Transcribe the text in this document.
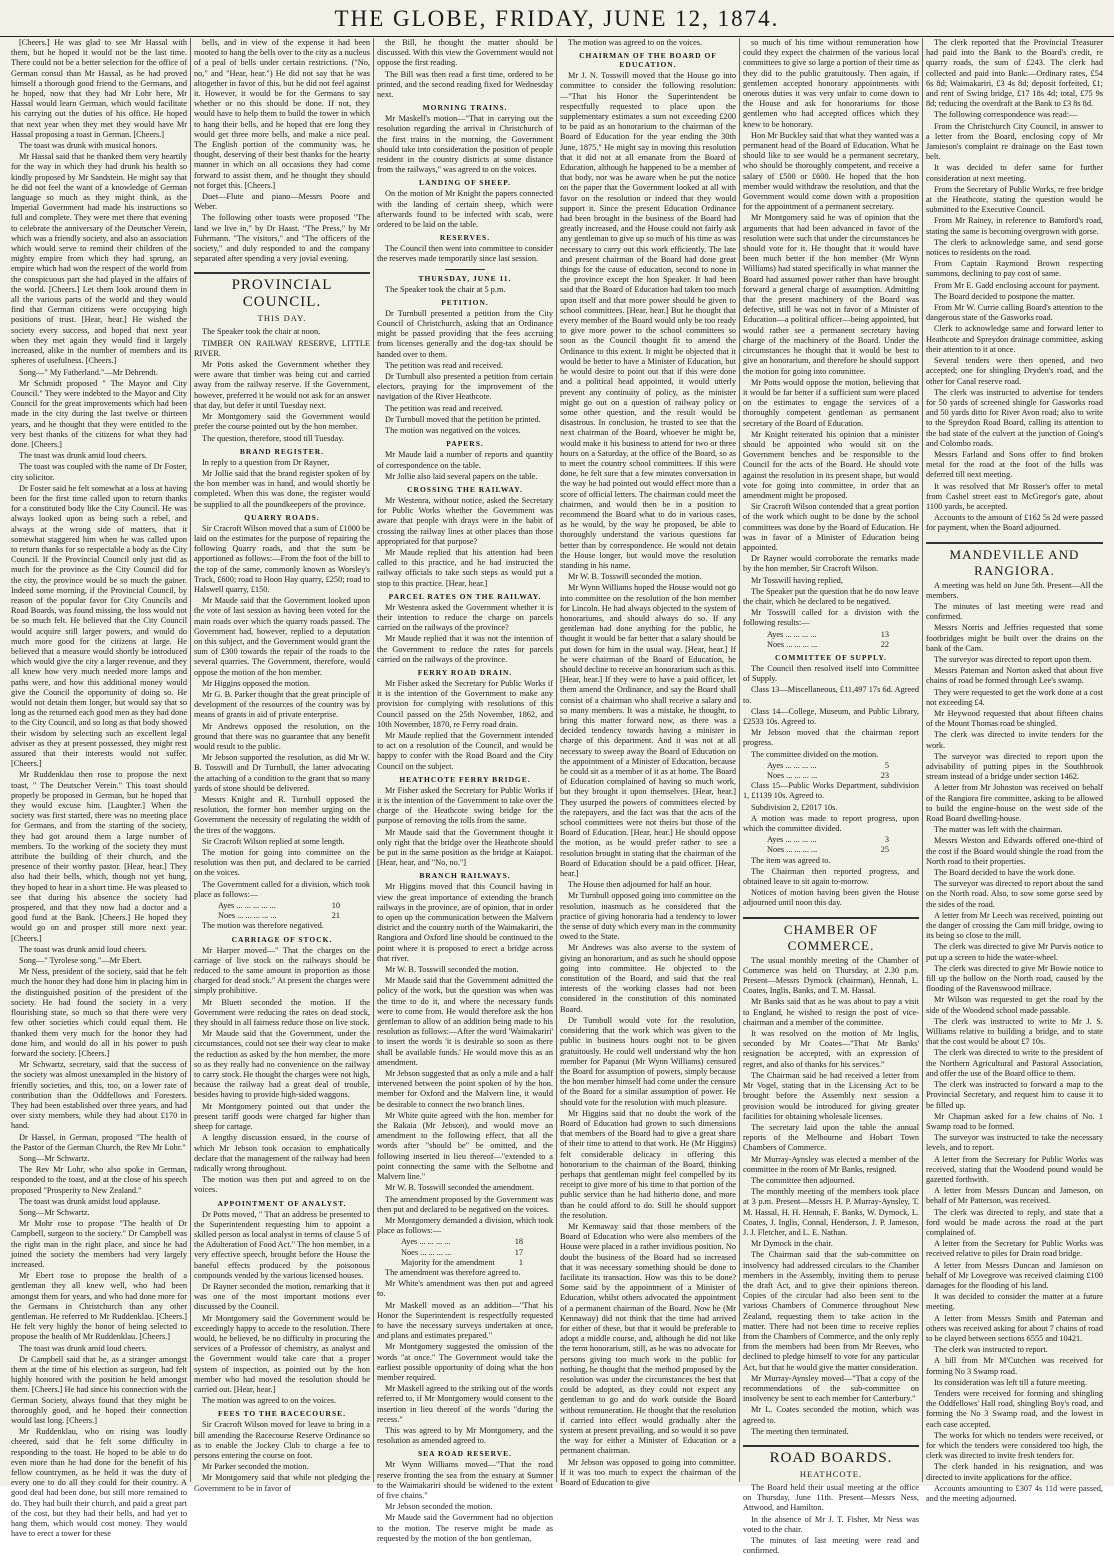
THE GLOBE, FRIDAY, JUNE 12, 1874.

[Cheers.] He was glad to see Mr Hassal with them, but he hoped it would not be the last time. There could not be a better selection for the office of German consul than Mr Hassal, as he had proved himself a thorough good friend to the Germans, and he hoped, now that they had Mr Lohr here, Mr Hassal would learn German, which would facilitate his carrying out the duties of his office. He hoped that next year when they met they would have Mr Hassal proposing a toast in German. [Cheers.]

The toast was drunk with musical honors.

Mr Hassal said that he thanked them very heartily for the way in which they had drunk his health so kindly proposed by Mr Sandstein. He might say that he did not feel the want of a knowledge of German language so much as they might think, as the Imperial Government had made his instructions so full and complete. They were met there that evening to celebrate the anniversary of the Deutscher Verein, which was a friendly society, and also an association which would serve to remind their children of the mighty empire from which they had sprung, an empire which had won the respect of the world from the conspicuous part she had played in the affairs of the world. [Cheers.] Let them look around them in all the various parts of the world and they would find that German citizens were occupying high positions of trust. [Hear, hear.] He wished the society every success, and hoped that next year when they met again they would find it largely increased, alike in the number of members and its spheres of usefulness. [Cheers.]

Song—" My Fatherland."—Mr Dehrendt.

Mr Schmidt proposed " The Mayor and City Council." They were indebted to the Mayor and City Council for the great improvements which had been made in the city during the last twelve or thirteen years, and he thought that they were entitled to the very best thanks of the citizens for what they had done. [Cheers.]

The toast was drunk amid loud cheers.

The toast was coupled with the name of Dr Foster, city solicitor.

Dr Foster said he felt somewhat at a loss at having been for the first time called upon to return thanks for a constituted body like the City Council. He was always looked upon as being such a rebel, and always at the wrong side of matters, that it somewhat staggered him when he was called upon to return thanks for so respectable a body as the City Council. If the Provincial Council only just did as much for the province as the City Council did for the city, the province would be so much the gainer. Indeed some morning, if the Provincial Council, by reason of the popular favor for City Councils and Road Boards, was found missing, the loss would not be so much felt. He believed that the City Council would acquire still larger powers, and would do much more good for the citizens at large. He believed that a measure would shortly be introduced which would give the city a larger revenue, and they all knew how very much needed more lamps and paths were, and how this additional money would give the Council the opportunity of doing so. He would not detain them longer, but would say that so long as the returned each good men as they had done to the City Council, and so long as that body showed their wisdom by selecting such an excellent legal adviser as they at present possessed, they might rest assured that their interests would not suffer. [Cheers.]

Mr Ruddenklau then rose to propose the next toast, " The Deutscher Verein." This toast should properly be proposed in German, but he hoped that they would excuse him. [Laughter.] When the society was first started, there was no meeting place for Germans, and from the starting of the society, they had got around them a large number of members. To the working of the society they must attribute the building of their church, and the presence of their worthy pastor. [Hear, hear.] They also had their bells, which, though not yet hung, they hoped to hear in a short time. He was pleased to see that during his absence the society had prospered, and that they now had a doctor and a good fund at the Bank. [Cheers.] He hoped they would go on and prosper still more next year. [Cheers.]

The toast was drunk amid loud cheers.

Song—" Tyrolese song."—Mr Ebert.

Mr Ness, president of the society, said that he felt much the honor they had done him in placing him in the distinguished position of the president of the society. He had found the society in a very flourishing state, so much so that there were very few other societies which could equal them. He thanked them very much for the honor they had done him, and would do all in his power to push forward the society. [Cheers.]

Mr Schwartz, secretary, said that the success of the society was almost unexampled in the history of friendly societies, and this, too, on a lower rate of contribution than the Oddfellows and Foresters. They had been established over three years, and had over sixty members, while they had about £170 in hand.

Dr Hassel, in German, proposed "The health of the Pastor of the German Church, the Rev Mr Lohr."

Song—Mr Schwartz.

The Rev Mr Lohr, who also spoke in German, responded to the toast, and at the close of his speech proposed "Prosperity to New Zealand."

The toast was drunk amidst loud applause.

Song—Mr Schwartz.

Mr Mohr rose to propose "The health of Dr Campbell, surgeon to the society." Dr Campbell was the right man in the right place, and since he had joined the society the members had very largely increased.

Mr Ebert rose to propose the health of a gentleman they all knew well, who had been amongst them for years, and who had done more for the Germans in Christchurch than any other gentleman. He referred to Mr Ruddenklau. [Cheers.] He felt very highly the honor of being selected to propose the health of Mr Ruddenklau. [Cheers.]

The toast was drunk amid loud cheers.

Dr Campbell said that he, as a stranger amongst them at the time of his election as surgeon, had felt highly honored with the position he held amongst them. [Cheers.] He had since his connection with the German Society, always found that they might be thoroughly good, and he hoped their connection would last long. [Cheers.]

Mr Ruddenklau, who on rising was loudly cheered, said that he felt some difficulty in responding to the toast. He hoped to be able to do even more than he had done for the benefit of his fellow countrymen, as he held it was the duty of every one to do all they could for their country. A good deal had been done, but still more remained to do. They had built their church, and paid a great part of the cost, but they had their bells, and had yet to hang them, which would cost money. They would have to erect a tower for these

bells, and in view of the expense it had been mooted to hang the bells over to the city as a nucleus of a peal of bells under certain restrictions. ("No, no," and "Hear, hear.") He did not say that he was altogether in favor of this, but he did not feel against it. However, it would be for the Germans to say whether or no this should be done. If not, they would have to help them to build the tower in which to hang their bells, and he hoped that ere long they would get three more bells, and make a nice peal. The English portion of the community was, he thought, deserving of their best thanks for the hearty manner in which on all occasions they had come forward to assist them, and he thought they should not forget this. [Cheers.]

Duet—Flute and piano—Messrs Poore and Weber.

The following other toasts were proposed "The land we live in," by Dr Haast. "The Press," by Mr Fuhrmann. "The visitors," and "The officers of the society," and duly responded to and the company separated after spending a very jovial evening.

PROVINCIAL COUNCIL.
THIS DAY.

The Speaker took the chair at noon.

TIMBER ON RAILWAY RESERVE, LITTLE RIVER.

Mr Potts asked the Government whether they were aware that timber was being cut and carried away from the railway reserve. If the Government, however, preferred it he would not ask for an answer that day, but defer it until Tuesday next.

Mr Montgomery said the Government would prefer the course pointed out by the hon member.

The question, therefore, stood till Tuesday.

BRAND REGISTER.

In reply to a question from Dr Rayner,

Mr Jollie said that the brand register spoken of by the hon member was in hand, and would shortly be completed. When this was done, the register would be supplied to all the poundkeepers of the province.

QUARRY ROADS.

Sir Cracroft Wilson moved that a sum of £1000 be laid on the estimates for the purpose of repairing the following Quarry roads, and that the sum be apportioned as follows:—From the foot of the bill to the top of the same, commonly known as Worsley's Track, £600; road to Hoon Hay quarry, £250; road to Halswell quarry, £150.

Mr Maude said that the Government looked upon the vote of last session as having been voted for the main roads over which the quarry roads passed. The Government had, however, replied to a deputation on this subject, and the Government would grant the sum of £300 towards the repair of the roads to the several quarries. The Government, therefore, would oppose the motion of the hon member.

Mr Higgins opposed the motion.

Mr G. B. Parker thought that the great principle of development of the resources of the country was by means of grants in aid of private enterprise.

Mr Andrews opposed the resolution, on the ground that there was no guarantee that any benefit would result to the public.

Mr Jebson supported the resolution, as did Mr W. B. Tosswill and Dr Turnbull, the latter advocating the attaching of a condition to the grant that so many yards of stone should be delivered.

Messrs Knight and R. Turnbull opposed the resolution, the former hon member urging on the Government the necessity of regulating the width of the tires of the waggons.

Sir Cracroft Wilson replied at some length.

The motion for going into committee on the resolution was then put, and declared to be carried on the voices.

The Government called for a division, which took place as follows:—

Ayes ... ... ... ... ...	10
Noes ... ... ... ... ...	21

The motion was therefore negatived.

CARRIAGE OF STOCK.

Mr Harper moved—" That the charges on the carriage of live stock on the railways should be reduced to the same amount in proportion as those charged for dead stock." At present the charges were simply prohibitive.

Mr Bluett seconded the motion. If the Government were reducing the rates on dead stock, they should in all fairness reduce those on live stock.

Mr Maude said that the Government, under the circumstances, could not see their way clear to make the reduction as asked by the hon member, the more so as they really had no convenience on the railway to carry stock. He thought the charges were not high, because the railway had a great deal of trouble, besides having to provide high-sided waggons.

Mr Montgomery pointed out that under the present tariff goods were charged far higher than sheep for cartage.

A lengthy discussion ensued, in the course of which Mr Jebson took occasion to emphatically declare that the management of the railway had been radically wrong throughout.

The motion was then put and agreed to on the voices.

APPOINTMENT OF ANALYST.

Dr Potts moved, " That an address be presented to the Superintendent requesting him to appoint a skilled person as local analyst in terms of clause 5 of the Adulteration of Food Act." The hon member, in a very effective speech, brought before the House the baneful effects produced by the poisonous compounds vended by the various licensed houses.

Dr Rayner seconded the motion, remarking that it was one of the most important motions ever discussed by the Council.

Mr Montgomery said the Government would be exceedingly happy to accede to the resolution. There would, he believed, be no difficulty in procuring the services of a Professor of chemistry, as analyst and the Government would take care that a proper system of inspection, as pointed out by the hon member who had moved the resolution should be carried out. [Hear, hear.]

The motion was agreed to on the voices.

FEES TO THE RACECOURSE.

Sir Cracroft Wilson moved for leave to bring in a bill amending the Racecourse Reserve Ordinance so as to enable the Jockey Club to charge a fee to persons entering the course on foot.

Mr Parker seconded the motion.

Mr Montgomery said that while not pledging the Government to be in favor of

the Bill, he thought the matter should be discussed. With this view the Government would not oppose the first reading.

The Bill was then read a first time, ordered to be printed, and the second reading fixed for Wednesday next.

MORNING TRAINS.

Mr Maskell's motion—"That in carrying out the resolution regarding the arrival in Christchurch of the first trains in the morning, the Government should take into consideration the position of people resident in the country districts at some distance from the railways," was agreed to on the voices.

LANDING OF SHEEP.

On the motion of Mr Knight the papers connected with the landing of certain sheep, which were afterwards found to be infected with scab, were ordered to be laid on the table.

RESERVES.

The Council then went into committee to consider the reserves made temporarily since last session.

THURSDAY, JUNE 11.

The Speaker took the chair at 5 p.m.

PETITION.

Dr Turnbull presented a petition from the City Council of Christchurch, asking that an Ordinance might be passed providing that the fees accruing from licenses generally and the dog-tax should be handed over to them.

The petition was read and received.

Dr Turnbull also presented a petition from certain electors, praying for the improvement of the navigation of the River Heathcote.

The petition was read and received.

Dr Turnbull moved that the petition be printed.

The motion was negatived on the voices.

PAPERS.

Mr Maude laid a number of reports and quantity of correspondence on the table.

Mr Jollie also laid several papers on the table.

CROSSING THE RAILWAY.

Mr Westenra, without notice, asked the Secretary for Public Works whether the Government was aware that people with drays were in the habit of crossing the railway lines at other places than those appropriated for that purpose?

Mr Maude replied that his attention had been called to this practice, and he had instructed the railway officials to take such steps as would put a stop to this practice. [Hear, hear.]

PARCEL RATES ON THE RAILWAY.

Mr Westenra asked the Government whether it is their intention to reduce the charge on parcels carried on the railways of the province?

Mr Maude replied that it was not the intention of the Government to reduce the rates for parcels carried on the railways of the province.

FERRY ROAD DRAIN.

Mr Fisher asked the Secretary for Public Works if it is the intention of the Government to make any provision for complying with resolutions of this Council passed on the 25th November, 1862, and 10th November, 1870, re Ferry road drain.

Mr Maude replied that the Government intended to act on a resolution of the Council, and would be happy to confer with the Road Board and the City Council on the subject.

HEATHCOTE FERRY BRIDGE.

Mr Fisher asked the Secretary for Public Works if it is the intention of the Government to take over the charge of the Heathcote swing bridge for the purpose of removing the tolls from the same.

Mr Maude said that the Government thought it only right that the bridge over the Heathcote should be put in the same position as the bridge at Kaiapoi. [Hear, hear, and "No, no."]

BRANCH RAILWAYS.

Mr Higgins moved that this Council having in view the great importance of extending the branch railways in the province, are of opinion, that in order to open up the communication between the Malvern district and the country north of the Waimakariri, the Rangiora and Oxford line should be continued to the point where it is proposed to erect a bridge across that river.

Mr W. B. Tosswill seconded the motion.

Mr Maude said that the Government admitted the policy of the work, but the question was when was the time to do it, and where the necessary funds were to come from. He would therefore ask the hon gentleman to allow of an addition being made to his resolution as follows:—After the word 'Waimakariri' to insert the words 'it is desirable so soon as there shall be available funds.' He would move this as an amendment.

Mr Jebson suggested that as only a mile and a half intervened between the point spoken of by the hon. member for Oxford and the Malvern line, it would be desirable to connect the two branch lines.

Mr White quite agreed with the hon. member for the Rakaia (Mr Jebson), and would move an amendment to the following effect, that all the words after "should be" be omitted, and the following inserted in lieu thereof—"extended to a point connecting the same with the Selbotne and Malvern line."

Mr W. B. Tosswill seconded the amendment.

The amendment proposed by the Government was then put and declared to be negatived on the voices.

Mr Montgomery demanded a division, which took place as follows:—

Ayes ... ... ... ...	18
Noes ... ... ... ...	17
Majority for the amendment	1

The amendment was therefore agreed to.

Mr White's amendment was then put and agreed to.

Mr Maskell moved as an addition—"That his Honor the Superintendent is respectfully requested to have the necessary surveys undertaken at once, and plans and estimates prepared."

Mr Montgomery suggested the omission of the words "at once." The Government would take the earliest possible opportunity of doing what the hon member required.

Mr Maskell agreed to the striking out of the words referred to, if Mr Montgomery would consent to the insertion in lieu thereof of the words "during the recess."

This was agreed to by Mr Montgomery, and the resolution as amended agreed to.

SEA ROAD RESERVE.

Mr Wynn Williams moved—"That the road reserve fronting the sea from the estuary at Sumner to the Waimakariri should be widened to the extent of five chains."

Mr Jebson seconded the motion.

Mr Maude said the Government had no objection to the motion. The reserve might be made as requested by the motion of the hon gentleman,

The motion was agreed to on the voices.

CHAIRMAN OF THE BOARD OF EDUCATION.

Mr J. N. Tosswill moved that the House go into committee to consider the following resolution:—"That his Honor the Superintendent be respectfully requested to place upon the supplementary estimates a sum not exceeding £200 to be paid as an honorarium to the chairman of the Board of Education for the year ending the 30th June, 1875." He might say in moving this resolution that it did not at all emanate from the Board of Education, although he happened to be a member of that body, nor was he aware when he put the notice on the paper that the Government looked at all with favor on the resolution or indeed that they would support it. Since the present Education Ordinance had been brought in the business of the Board had greatly increased, and the House could not fairly ask any gentleman to give up so much of his time as was necessary to carry out this work efficiently. The late and present chairman of the Board had done great things for the cause of education, second to none in the province except the hon Speaker. It had been said that the Board of Education had taken too much upon itself and that more power should be given to school committees. [Hear, hear.] But he thought that every member of the Board would only be too ready to give more power to the school committees so soon as the Council thought fit to amend the Ordinance to this extent. It might be objected that it would be better to have a Minister of Education, but he would desire to point out that if this were done and a political head appointed, it would utterly prevent any continuity of policy, as the minister might go out on a question of railway policy or some other question, and the result would be disastrous. In conclusion, he trusted to see that the next chairman of the Board, whoever he might be, would make it his business to attend for two or three hours on a Saturday, at the office of the Board, so as to meet the country school committees. If this were done, he felt sure that a few minutes conversation in the way he had pointed out would effect more than a score of official letters. The chairman could meet the chairmen, and would then be in a position to recommend the Board what to do in various cases, as he would, by the way he proposed, be able to thoroughly understand the various questions far better than by correspondence. He would not detain the House longer, but would move the resolution standing in his name.

Mr W. B. Tosswill seconded the motion.

Mr Wynn Williams hoped the House would not go into committee on the resolution of the hon member for Lincoln. He had always objected to the system of honorariums, and should always do so. If any gentleman had done anything for the public, he thought it would be far better that a salary should be put down for him in the usual way. [Hear, hear.] If he were chairman of the Board of Education, he should decline to receive an honorarium such as this. [Hear, hear.] If they were to have a paid officer, let them amend the Ordinance, and say the Board shall consist of a chairman who shall receive a salary and so many members. It was a mistake, he thought, to bring this matter forward now, as there was a decided tendency towards having a minister in charge of this department. And it was not at all necessary to sweep away the Board of Education on the appointment of a Minister of Education, because he could sit as a member of it as at home. The Board of Education complained of having so much work, but they brought it upon themselves. [Hear, hear.] They usurped the powers of committees elected by the ratepayers, and the fact was that the acts of the school committees were not theirs but those of the Board of Education. [Hear, hear.] He should oppose the motion, as he would prefer rather to see a resolution brought in stating that the chairman of the Board of Education should be a paid officer. [Hear, hear.]

The House then adjourned for half an hour.

Mr Turnbull opposed going into committee on the resolution, inasmuch as he considered that the practice of giving honoraria had a tendency to lower the sense of duty which every man in the community owed to the State.

Mr Andrews was also averse to the system of giving an honorarium, and as such he should oppose going into committee. He objected to the constitution of the Board, and said that the real interests of the working classes had not been considered in the constitution of this nominated Board.

Dr Turnbull would vote for the resolution, considering that the work which was given to the public in business hours ought not to be given gratuitously. He could well understand why the hon member for Papanui (Mr Wynn Williams) censured the Board for assumption of powers, simply because the hon member himself had come under the censure of the Board for a similar assumption of power. He should vote for the resolution with much pleasure.

Mr Higgins said that no doubt the work of the Board of Education had grown to such dimensions that members of the Board had to give a great share of their time to attend to that work. He (Mr Higgins) felt considerable delicacy in offering this honorarium to the chairman of the Board, thinking perhaps that gentleman might feel compelled by its receipt to give more of his time to that portion of the public service than he had hitherto done, and more than he could afford to do. Still he should support the resolution.

Mr Kennaway said that those members of the Board of Education who were also members of the House were placed in a rather invidious position. No doubt the business of the Board had so increased that it was necessary something should be done to facilitate its transaction. How was this to be done? Some said by the appointment of a Minister of Education, whilst others advocated the appointment of a permanent chairman of the Board. Now he (Mr Kennaway) did not think that the time had arrived for either of these, but that it would be preferable to adopt a middle course, and, although he did not like the term honorarium, still, as he was no advocate for persons giving too much work to the public for nothing, he thought that the method proposed by the resolution was under the circumstances the best that could be adopted, as they could not expect any gentleman to go and do work outside the Board without remuneration. He thought that the resolution if carried into effect would gradually alter the system at present prevailing, and so would it so pave the way for either a Minister of Education or a permanent chairman.

Mr Jebson was opposed to going into committee. If it was too much to expect the chairman of the Board of Education to give

so much of his time without remuneration how could they expect the chairmen of the various local committees to give so large a portion of their time as they did to the public gratuitously. Then again, if gentlemen accepted honorary appointments with onerous duties it was very unfair to come down to the House and ask for honorariums for those gentlemen who had accepted offices which they knew to be honorary.

Hon Mr Buckley said that what they wanted was a permanent head of the Board of Education. What he should like to see would be a permanent secretary, who should be thoroughly competent, and receive a salary of £500 or £600. He hoped that the hon member would withdraw the resolution, and that the Government would come down with a proposition for the appointment of a permanent secretary.

Mr Montgomery said he was of opinion that the arguments that had been advanced in favor of the resolution were such that under the circumstances he should vote for it. He thought that it would have been much better if the hon member (Mr Wynn Williams) had stated specifically in what manner the Board had assumed power rather than have brought forward a general charge of assumption. Admitting that the present machinery of the Board was defective, still he was not in favor of a Minister of Education—a political officer—being appointed, but would rather see a permanent secretary having charge of the machinery of the Board. Under the circumstances he thought that it would be best to give an honorarium, and therefore he should support the motion for going into committee.

Mr Potts would oppose the motion, believing that it would be far better if a sufficient sum were placed on the estimates to engage the services of a thoroughly competent gentleman as permanent secretary of the Board of Education.

Mr Knight reiterated his opinion that a minister should be appointed who would sit on the Government benches and be responsible to the Council for the acts of the Board. He should vote against the resolution in its present shape, but would vote for going into committee, in order that an amendment might be proposed.

Sir Cracroft Wilson contended that a great portion of the work which ought to be done by the school committees was done by the Board of Education. He was in favor of a Minister of Education being appointed.

Dr Rayner would corroborate the remarks made by the hon member, Sir Cracroft Wilson.

Mr Tosswill having replied,

The Speaker put the question that he do now leave the chair, which he declared to be negatived.

Mr Tosswill called for a division with the following results:—

Ayes ... ... ... ...	13
Noes ... ... ... ...	22
COMMITTEE OF SUPPLY.

The Council then resolved itself into Committee of Supply.

Class 13—Miscellaneous, £11,497 17s 6d. Agreed to.

Class 14—College, Museum, and Public Library, £2533 10s. Agreed to.

Mr Jebson moved that the chairman report progress.

The committee divided on the motion.

Ayes ... ... ... ...	5
Noes ... ... ... ...	23

Class 15—Public Works Department, subdivision 1, £1139 10s. Agreed to.

Subdivision 2, £2017 10s.

A motion was made to report progress, upon which the committee divided.

Ayes ... ... ... ...	3
Noes ... ... ... ...	25

The item was agreed to.

The Chairman then reported progress, and obtained leave to sit again to-morrow.

Notices of motion having been given the House adjourned until noon this day.

CHAMBER OF COMMERCE.

The usual monthly meeting of the Chamber of Commerce was held on Thursday, at 2.30 p.m. Present—Messrs Dymock (chairman), Hennah, L. Coates, Inglis, Banks, and T. M. Hassal.

Mr Banks said that as he was about to pay a visit to England, he wished to resign the post of vice-chairman and a member of the committee.

It was resolved on the motion of Mr Inglis, seconded by Mr Coates—"That Mr Banks' resignation be accepted, with an expression of regret, and also of thanks for his services."

The Chairman said he had received a letter from Mr Vogel, stating that in the Licensing Act to be brought before the Assembly next session a provision would be introduced for giving greater facilities for obtaining wholesale licenses.

The secretary laid upon the table the annual reports of the Melbourne and Hobart Town Chambers of Commerce.

Mr Murray-Aynsley was elected a member of the committee in the room of Mr Banks, resigned.

The committee then adjourned.

The monthly meeting of the members took place at 3 p.m. Present—Messrs H. P. Murray-Aynsley, T. M. Hassal, H. H. Hennah, F. Banks, W. Dymock, L. Coates, J. Inglis, Connal, Henderson, J. P. Jameson, J. J. Fletcher, and L. E. Nathan.

Mr Dymock in the chair.

The Chairman said that the sub-committee on insolvency had addressed circulars to the Chamber members in the Assembly, inviting them to peruse the draft Act, and to give their opinions thereon. Copies of the circular had also been sent to the various Chambers of Commerce throughout New Zealand, requesting them to take action in the matter. There had not been time to receive replies from the Chambers of Commerce, and the only reply from the members had been from Mr Reeves, who declined to pledge himself to vote for any particular Act, but that he would give the matter consideration.

Mr Murray-Aynsley moved—"That a copy of the recommendations of the sub-committee on insolvency be sent to each member for Canterbury."

Mr L. Coates seconded the motion, which was agreed to.

The meeting then terminated.

ROAD BOARDS.
HEATHCOTE.

The Board held their usual meeting at the office on Thursday, June 11th. Present—Messrs Ness, Attwood, and Hamilton.

In the absence of Mr J. T. Fisher, Mr Ness was voted to the chair.

The minutes of last meeting were read and confirmed.

The clerk reported that the Provincial Treasurer had paid into the Bank to the Board's credit, re quarry roads, the sum of £243. The clerk had collected and paid into Bank:—Ordinary rates, £54 6s 8d; Waimakariri, £3 4s 8d; deposit forfeited, £1; and rent of Swing bridge, £17 18s 4d; total, £75 9s 8d; reducing the overdraft at the Bank to £3 8s 8d.

The following correspondence was read:—

From the Christchurch City Council, in answer to a letter from the Board, enclosing copy of Mr Jamieson's complaint re drainage on the East town belt.

It was decided to defer same for further consideration at next meeting.

From the Secretary of Public Works, re free bridge at the Heathcote, stating the question would be submitted to the Executive Council.

From Mr Rainey, in reference to Bamford's road, stating the same is becoming overgrown with gorse.

The clerk to acknowledge same, and send gorse notices to residents on the road.

From Captain Raymond Brown respecting summons, declining to pay cost of same.

From Mr E. Gadd enclosing account for payment.

The Board decided to postpone the matter.

From Mr W. Currie calling Board's attention to the dangerous state of the Gasworks road.

Clerk to acknowledge same and forward letter to Heathcote and Spreydon drainage committee, asking their attention to it at once.

Several tenders were then opened, and two accepted; one for shingling Dryden's road, and the other for Canal reserve road.

The clerk was instructed to advertise for tenders for 50 yards of screened shingle for Gasworks road and 50 yards ditto for River Avon road; also to write to the Spreydon Road Board, calling its attention to the bad state of the culvert at the junction of Going's and Colombo roads.

Messrs Farland and Sons offer to find broken metal for the road at the foot of the hills was deferred till next meeting.

It was resolved that Mr Rosser's offer to metal from Cashel street east to McGregor's gate, about 1100 yards, be accepted.

Accounts to the amount of £162 5s 2d were passed for payment, when the Board adjourned.

MANDEVILLE AND RANGIORA.

A meeting was held on June 5th. Present—All the members.

The minutes of last meeting were read and confirmed.

Messrs Norris and Jeffries requested that some footbridges might be built over the drains on the bank of the Cam.

The surveyor was directed to report upon them.

Messrs Pateman and Norton asked that about five chains of road be formed through Lee's swamp.

They were requested to get the work done at a cost not exceeding £4.

Mr Heywood requested that about fifteen chains of the Mount Thomas road be shingled.

The clerk was directed to invite tenders for the work.

The surveyor was directed to report upon the advisability of putting pipes in the Southbrook stream instead of a bridge under section 1462.

A letter from Mr Johnston was received on behalf of the Rangiora fire committee, asking to be allowed to build the engine-house on the west side of the Road Board dwelling-house.

The matter was left with the chairman.

Messrs Weston and Edwards offered one-third of the cost if the Board would shingle the road from the North road to their properties.

The Board decided to have the work done.

The surveyor was directed to report about the sand on the North road. Also, to sow some gorse seed by the sides of the road.

A letter from Mr Leech was received, pointing out the danger of crossing the Cam mill bridge, owing to its being so close to the mill.

The clerk was directed to give Mr Purvis notice to put up a screen to hide the water-wheel.

The clerk was directed to give Mr Bowie notice to fill up the hollow on the North road, caused by the flooding of the Ravenswood millrace.

Mr Wilson was requested to get the road by the side of the Woodend school made passable.

The clerk was instructed to write to Mr J. S. Williams relative to building a bridge, and to state that the cost would be about £7 10s.

The clerk was directed to write to the president of the Northern Agricultural and Pastoral Association, and offer the use of the Board office to them.

The clerk was instructed to forward a map to the Provincial Secretary, and request him to cause it to be filled up.

Mr Chapman asked for a few chains of No. 1 Swamp road to be formed.

The surveyor was instructed to take the necessary levels, and to report.

A letter from the Secretary for Public Works was received, stating that the Woodend pound would be gazetted forthwith.

A letter from Messrs Duncan and Jameson, on behalf of Mr Patterson, was received.

The clerk was directed to reply, and state that a ford would be made across the road at the part complained of.

A letter from the Secretary for Public Works was received relative to piles for Drain road bridge.

A letter from Messrs Duncan and Jamieson on behalf of Mr Lovegrove was received claiming £100 damages for the flooding of his land.

It was decided to consider the matter at a future meeting.

A letter from Messrs Smith and Pateman and others was received asking for about 7 chains of road to be clayed between sections 6555 and 10421.

The clerk was instructed to report.

A bill from Mr M'Cutchen was received for forming No 3 Swamp road.

Its consideration was left till a future meeting.

Tenders were received for forming and shingling the Oddfellows' Hall road, shingling Boy's road, and forming the No 3 Swamp road, and the lowest in each case accepted.

The works for which no tenders were received, or for which the tenders were considered too high, the clerk was directed to invite fresh tenders for.

The clerk handed in his resignation, and was directed to invite applications for the office.

Accounts amounting to £307 4s 11d were passed, and the meeting adjourned.
